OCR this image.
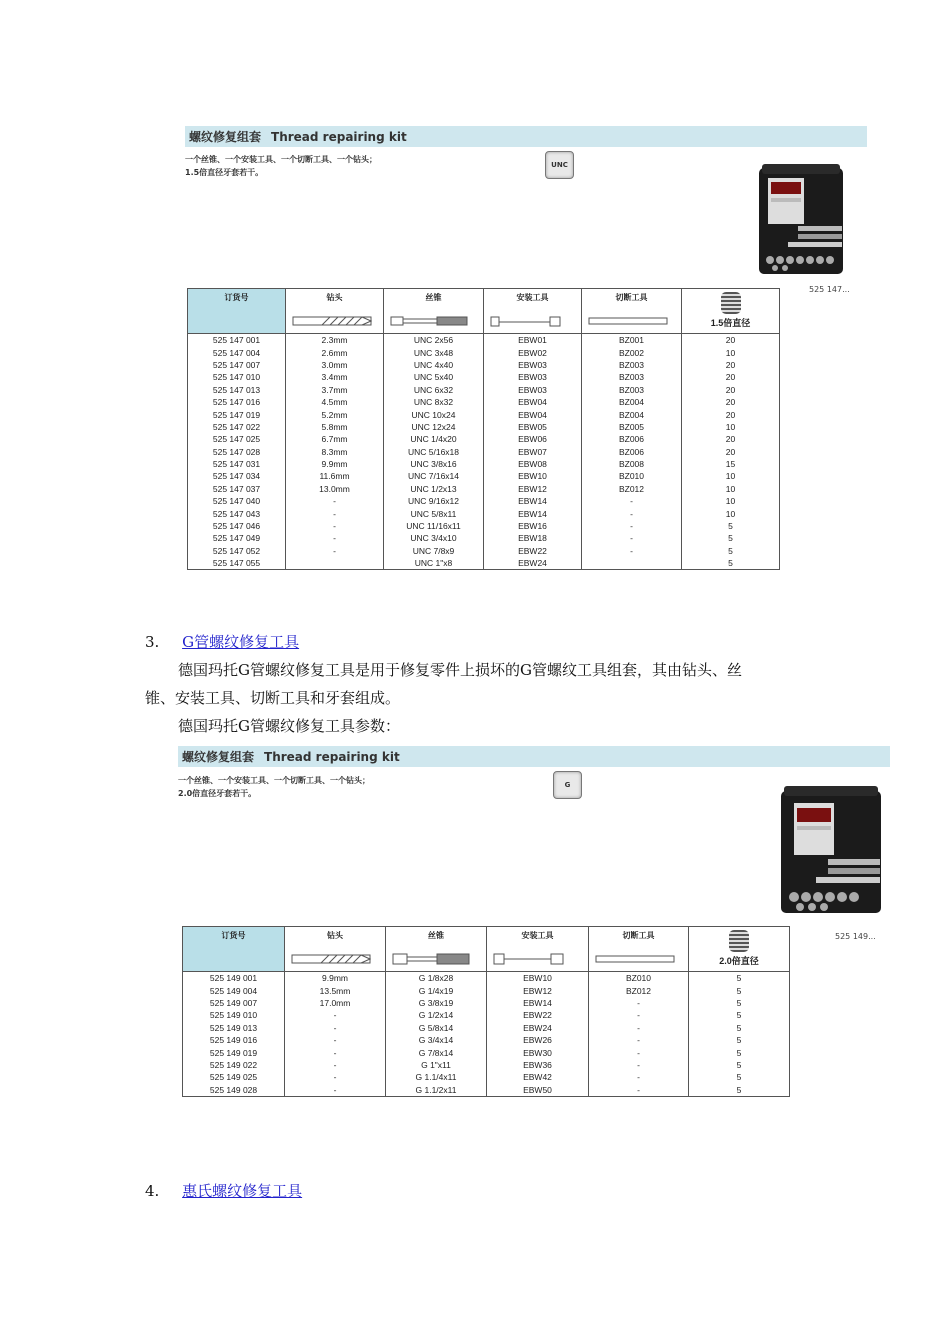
螺纹修复组套 Thread repairing kit
一个丝锥、一个安装工具、一个切断工具、一个钻头；
1.5倍直径牙套若干。
UNC
525 147...
订货号	钻头	丝锥	安装工具	切断工具	1.5倍直径

525 147 001	2.3mm	UNC 2x56	EBW01	BZ001	20
525 147 004	2.6mm	UNC 3x48	EBW02	BZ002	10
525 147 007	3.0mm	UNC 4x40	EBW03	BZ003	20
525 147 010	3.4mm	UNC 5x40	EBW03	BZ003	20
525 147 013	3.7mm	UNC 6x32	EBW03	BZ003	20
525 147 016	4.5mm	UNC 8x32	EBW04	BZ004	20
525 147 019	5.2mm	UNC 10x24	EBW04	BZ004	20
525 147 022	5.8mm	UNC 12x24	EBW05	BZ005	10
525 147 025	6.7mm	UNC 1/4x20	EBW06	BZ006	20
525 147 028	8.3mm	UNC 5/16x18	EBW07	BZ006	20
525 147 031	9.9mm	UNC 3/8x16	EBW08	BZ008	15
525 147 034	11.6mm	UNC 7/16x14	EBW10	BZ010	10
525 147 037	13.0mm	UNC 1/2x13	EBW12	BZ012	10
525 147 040	-	UNC 9/16x12	EBW14	-	10
525 147 043	-	UNC 5/8x11	EBW14	-	10
525 147 046	-	UNC 11/16x11	EBW16	-	5
525 147 049	-	UNC 3/4x10	EBW18	-	5
525 147 052	-	UNC 7/8x9	EBW22	-	5
525 147 055		UNC 1"x8	EBW24		5
3. G管螺纹修复工具
德国玛托G管螺纹修复工具是用于修复零件上损坏的G管螺纹工具组套，其由钻头、丝
锥、安装工具、切断工具和牙套组成。
德国玛托G管螺纹修复工具参数：
螺纹修复组套 Thread repairing kit
一个丝锥、一个安装工具、一个切断工具、一个钻头；
2.0倍直径牙套若干。
G
525 149...
订货号	钻头	丝锥	安装工具	切断工具	2.0倍直径

525 149 001	9.9mm	G 1/8x28	EBW10	BZ010	5
525 149 004	13.5mm	G 1/4x19	EBW12	BZ012	5
525 149 007	17.0mm	G 3/8x19	EBW14	-	5
525 149 010	-	G 1/2x14	EBW22	-	5
525 149 013	-	G 5/8x14	EBW24	-	5
525 149 016	-	G 3/4x14	EBW26	-	5
525 149 019	-	G 7/8x14	EBW30	-	5
525 149 022	-	G 1"x11	EBW36	-	5
525 149 025	-	G 1.1/4x11	EBW42	-	5
525 149 028	-	G 1.1/2x11	EBW50	-	5
4. 惠氏螺纹修复工具
